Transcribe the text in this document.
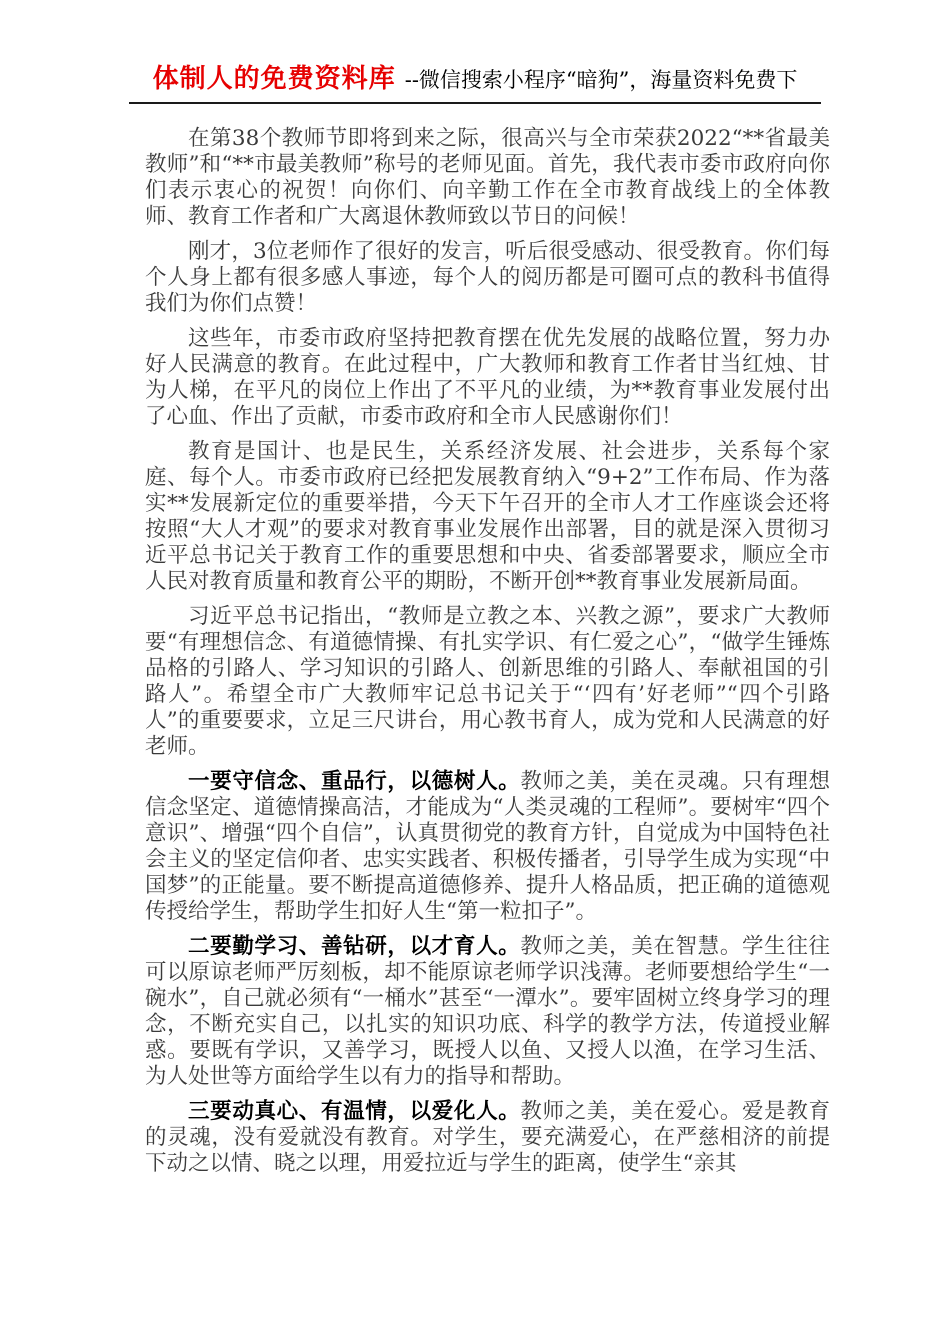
体制人的免费资料库 --微信搜索小程序“暗狗”，海量资料免费下

在第38个教师节即将到来之际，很高兴与全市荣获2022“**省最美教师”和“**市最美教师”称号的老师见面。首先，我代表市委市政府向你们表示衷心的祝贺！向你们、向辛勤工作在全市教育战线上的全体教师、教育工作者和广大离退休教师致以节日的问候！

刚才，3位老师作了很好的发言，听后很受感动、很受教育。你们每个人身上都有很多感人事迹，每个人的阅历都是可圈可点的教科书值得我们为你们点赞！

这些年，市委市政府坚持把教育摆在优先发展的战略位置，努力办好人民满意的教育。在此过程中，广大教师和教育工作者甘当红烛、甘为人梯，在平凡的岗位上作出了不平凡的业绩，为**教育事业发展付出了心血、作出了贡献，市委市政府和全市人民感谢你们！

教育是国计、也是民生，关系经济发展、社会进步，关系每个家庭、每个人。市委市政府已经把发展教育纳入“9+2”工作布局、作为落实**发展新定位的重要举措，今天下午召开的全市人才工作座谈会还将按照“大人才观”的要求对教育事业发展作出部署，目的就是深入贯彻习近平总书记关于教育工作的重要思想和中央、省委部署要求，顺应全市人民对教育质量和教育公平的期盼，不断开创**教育事业发展新局面。

习近平总书记指出，“教师是立教之本、兴教之源”，要求广大教师要“有理想信念、有道德情操、有扎实学识、有仁爱之心”，“做学生锤炼品格的引路人、学习知识的引路人、创新思维的引路人、奉献祖国的引路人”。希望全市广大教师牢记总书记关于“‘四有’好老师”“四个引路人”的重要要求，立足三尺讲台，用心教书育人，成为党和人民满意的好老师。

一要守信念、重品行，以德树人。教师之美，美在灵魂。只有理想信念坚定、道德情操高洁，才能成为“人类灵魂的工程师”。要树牢“四个意识”、增强“四个自信”，认真贯彻党的教育方针，自觉成为中国特色社会主义的坚定信仰者、忠实实践者、积极传播者，引导学生成为实现“中国梦”的正能量。要不断提高道德修养、提升人格品质，把正确的道德观传授给学生，帮助学生扣好人生“第一粒扣子”。

二要勤学习、善钻研，以才育人。教师之美，美在智慧。学生往往可以原谅老师严厉刻板，却不能原谅老师学识浅薄。老师要想给学生“一碗水”，自己就必须有“一桶水”甚至“一潭水”。要牢固树立终身学习的理念，不断充实自己，以扎实的知识功底、科学的教学方法，传道授业解惑。要既有学识，又善学习，既授人以鱼、又授人以渔，在学习生活、为人处世等方面给学生以有力的指导和帮助。

三要动真心、有温情，以爱化人。教师之美，美在爱心。爱是教育的灵魂，没有爱就没有教育。对学生，要充满爱心，在严慈相济的前提下动之以情、晓之以理，用爱拉近与学生的距离，使学生“亲其
